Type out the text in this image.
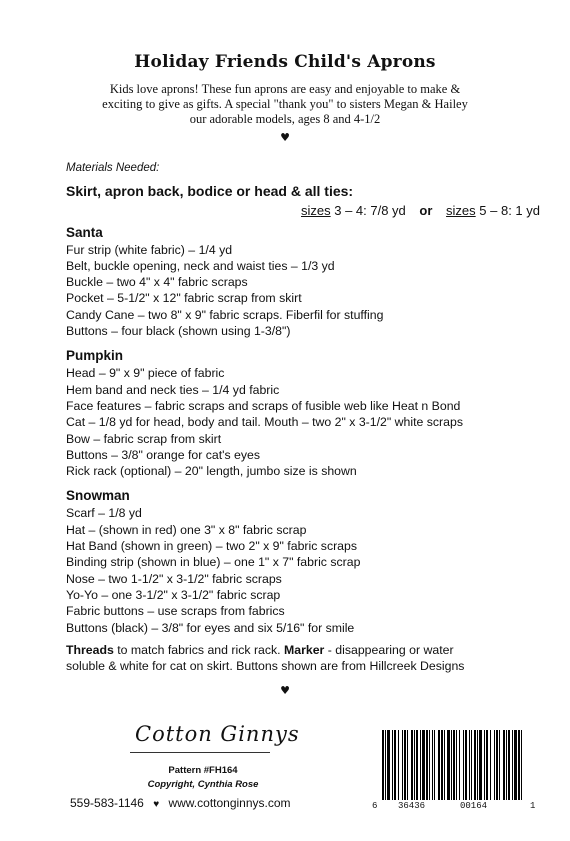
Holiday Friends Child's Aprons
Kids love aprons! These fun aprons are easy and enjoyable to make &
exciting to give as gifts. A special "thank you" to sisters Megan & Hailey
our adorable models, ages 8 and 4-1/2
♥
Materials Needed:
Skirt, apron back, bodice or head & all ties:
sizes 3 – 4: 7/8 yd or sizes 5 – 8: 1 yd
Santa
Fur strip (white fabric) – 1/4 yd
Belt, buckle opening, neck and waist ties – 1/3 yd
Buckle – two 4" x 4" fabric scraps
Pocket – 5-1/2" x 12" fabric scrap from skirt
Candy Cane – two 8" x 9" fabric scraps. Fiberfil for stuffing
Buttons – four black (shown using 1-3/8")
Pumpkin
Head – 9" x 9" piece of fabric
Hem band and neck ties – 1/4 yd fabric
Face features – fabric scraps and scraps of fusible web like Heat n Bond
Cat – 1/8 yd for head, body and tail. Mouth – two 2" x 3-1/2" white scraps
Bow – fabric scrap from skirt
Buttons – 3/8" orange for cat's eyes
Rick rack (optional) – 20" length, jumbo size is shown
Snowman
Scarf – 1/8 yd
Hat – (shown in red) one 3" x 8" fabric scrap
Hat Band (shown in green) – two 2" x 9" fabric scraps
Binding strip (shown in blue) – one 1" x 7" fabric scrap
Nose – two 1-1/2" x 3-1/2" fabric scraps
Yo-Yo – one 3-1/2" x 3-1/2" fabric scrap
Fabric buttons – use scraps from fabrics
Buttons (black) – 3/8" for eyes and six 5/16" for smile
Threads to match fabrics and rick rack. Marker - disappearing or water
soluble & white for cat on skirt. Buttons shown are from Hillcreek Designs
♥
Cotton Ginnys
Pattern #FH164
Copyright, Cynthia Rose
559-583-1146 ♥ www.cottonginnys.com	6 36436	00164	1
